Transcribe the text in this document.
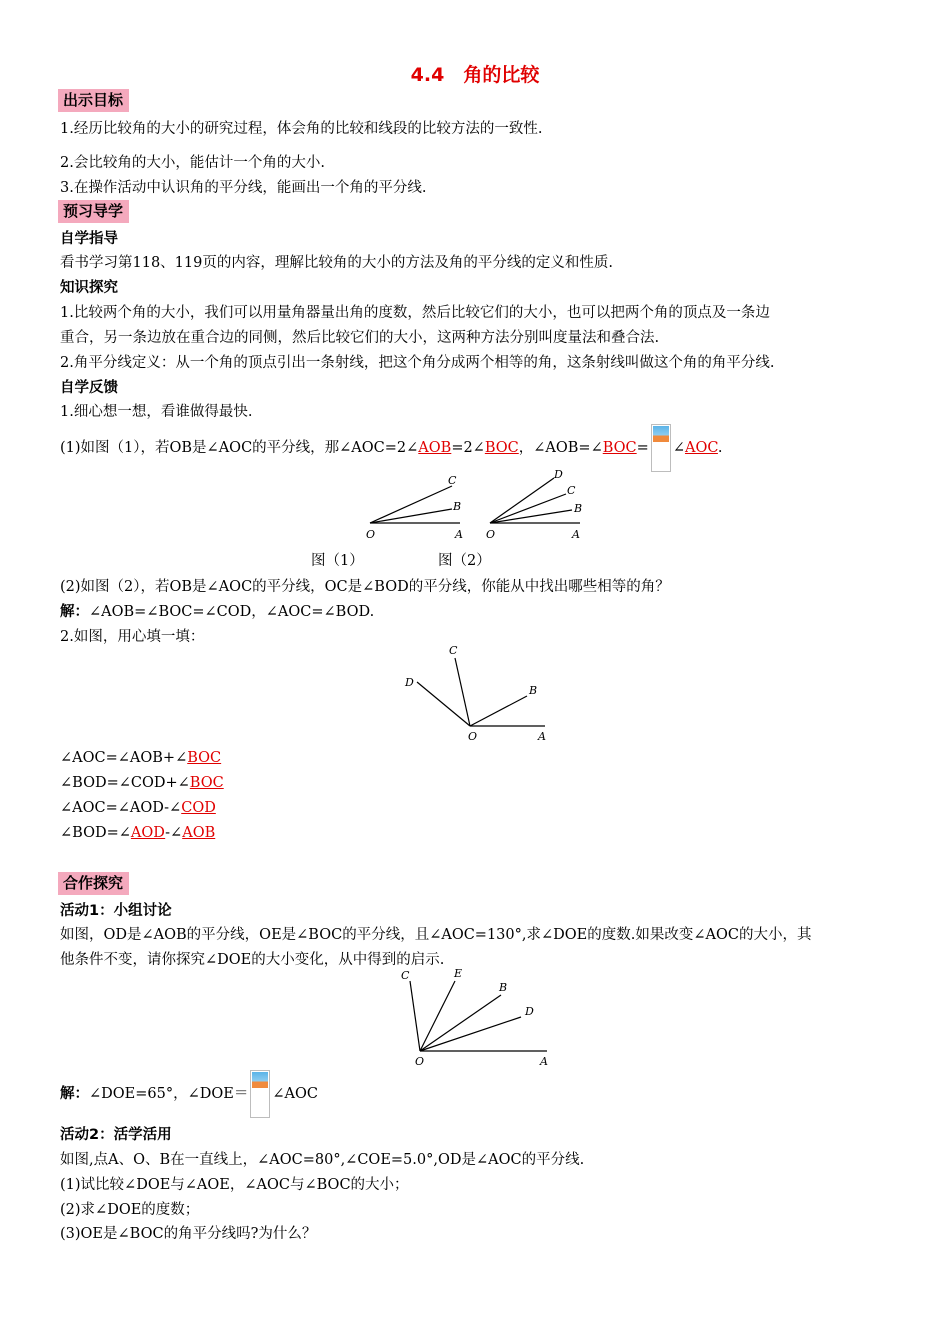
4.4　角的比较
出示目标
1.经历比较角的大小的研究过程，体会角的比较和线段的比较方法的一致性.
2.会比较角的大小，能估计一个角的大小.
3.在操作活动中认识角的平分线，能画出一个角的平分线.
预习导学
自学指导
看书学习第118、119页的内容，理解比较角的大小的方法及角的平分线的定义和性质.
知识探究
1.比较两个角的大小，我们可以用量角器量出角的度数，然后比较它们的大小，也可以把两个角的顶点及一条边
重合，另一条边放在重合边的同侧，然后比较它们的大小，这两种方法分别叫度量法和叠合法.
2.角平分线定义：从一个角的顶点引出一条射线，把这个角分成两个相等的角，这条射线叫做这个角的角平分线.
自学反馈
1.细心想一想，看谁做得最快.
(1)如图（1），若OB是∠AOC的平分线，那∠AOC=2∠AOB=2∠BOC，∠AOB=∠BOC= ∠AOC.
C
B
O	A
D
C
B
O	A
图（1）	图（2）
(2)如图（2），若OB是∠AOC的平分线，OC是∠BOD的平分线，你能从中找出哪些相等的角？
解：∠AOB=∠BOC=∠COD，∠AOC=∠BOD.
2.如图，用心填一填：
C
D
B
O	A
∠AOC=∠AOB+∠BOC
∠BOD=∠COD+∠BOC
∠AOC=∠AOD-∠COD
∠BOD=∠AOD-∠AOB
合作探究
活动1：小组讨论
如图，OD是∠AOB的平分线，OE是∠BOC的平分线，且∠AOC=130°,求∠DOE的度数.如果改变∠AOC的大小，其
他条件不变，请你探究∠DOE的大小变化，从中得到的启示.
C	E
B
D
O	A
解：∠DOE=65°，∠DOE＝ ∠AOC
活动2：活学活用
如图,点A、O、B在一直线上，∠AOC=80°,∠COE=5.0°,OD是∠AOC的平分线.
(1)试比较∠DOE与∠AOE，∠AOC与∠BOC的大小；
(2)求∠DOE的度数；
(3)OE是∠BOC的角平分线吗?为什么？
